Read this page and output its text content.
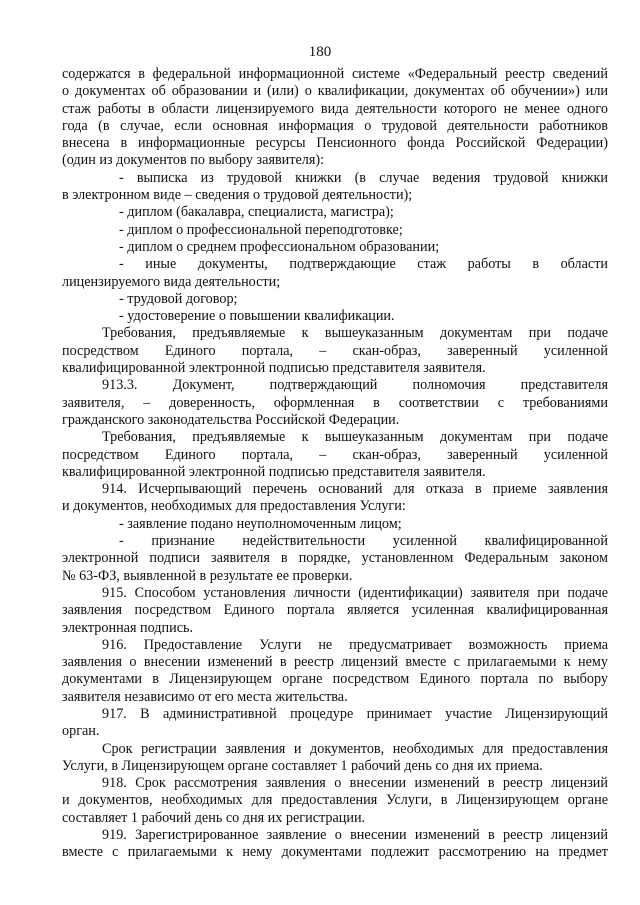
180
содержатся в федеральной информационной системе «Федеральный реестр сведений
о документах об образовании и (или) о квалификации, документах об обучении») или
стаж работы в области лицензируемого вида деятельности которого не менее одного
года (в случае, если основная информация о трудовой деятельности работников
внесена в информационные ресурсы Пенсионного фонда Российской Федерации)
(один из документов по выбору заявителя):
- выписка из трудовой книжки (в случае ведения трудовой книжки
в электронном виде – сведения о трудовой деятельности);
- диплом (бакалавра, специалиста, магистра);
- диплом о профессиональной переподготовке;
- диплом о среднем профессиональном образовании;
- иные документы, подтверждающие стаж работы в области
лицензируемого вида деятельности;
- трудовой договор;
- удостоверение о повышении квалификации.
Требования, предъявляемые к вышеуказанным документам при подаче
посредством Единого портала, – скан-образ, заверенный усиленной
квалифицированной электронной подписью представителя заявителя.
913.3. Документ, подтверждающий полномочия представителя
заявителя, – доверенность, оформленная в соответствии с требованиями
гражданского законодательства Российской Федерации.
Требования, предъявляемые к вышеуказанным документам при подаче
посредством Единого портала, – скан-образ, заверенный усиленной
квалифицированной электронной подписью представителя заявителя.
914. Исчерпывающий перечень оснований для отказа в приеме заявления
и документов, необходимых для предоставления Услуги:
- заявление подано неуполномоченным лицом;
- признание недействительности усиленной квалифицированной
электронной подписи заявителя в порядке, установленном Федеральным законом
№ 63-ФЗ, выявленной в результате ее проверки.
915. Способом установления личности (идентификации) заявителя при подаче
заявления посредством Единого портала является усиленная квалифицированная
электронная подпись.
916. Предоставление Услуги не предусматривает возможность приема
заявления о внесении изменений в реестр лицензий вместе с прилагаемыми к нему
документами в Лицензирующем органе посредством Единого портала по выбору
заявителя независимо от его места жительства.
917. В административной процедуре принимает участие Лицензирующий
орган.
Срок регистрации заявления и документов, необходимых для предоставления
Услуги, в Лицензирующем органе составляет 1 рабочий день со дня их приема.
918. Срок рассмотрения заявления о внесении изменений в реестр лицензий
и документов, необходимых для предоставления Услуги, в Лицензирующем органе
составляет 1 рабочий день со дня их регистрации.
919. Зарегистрированное заявление о внесении изменений в реестр лицензий
вместе с прилагаемыми к нему документами подлежит рассмотрению на предмет
